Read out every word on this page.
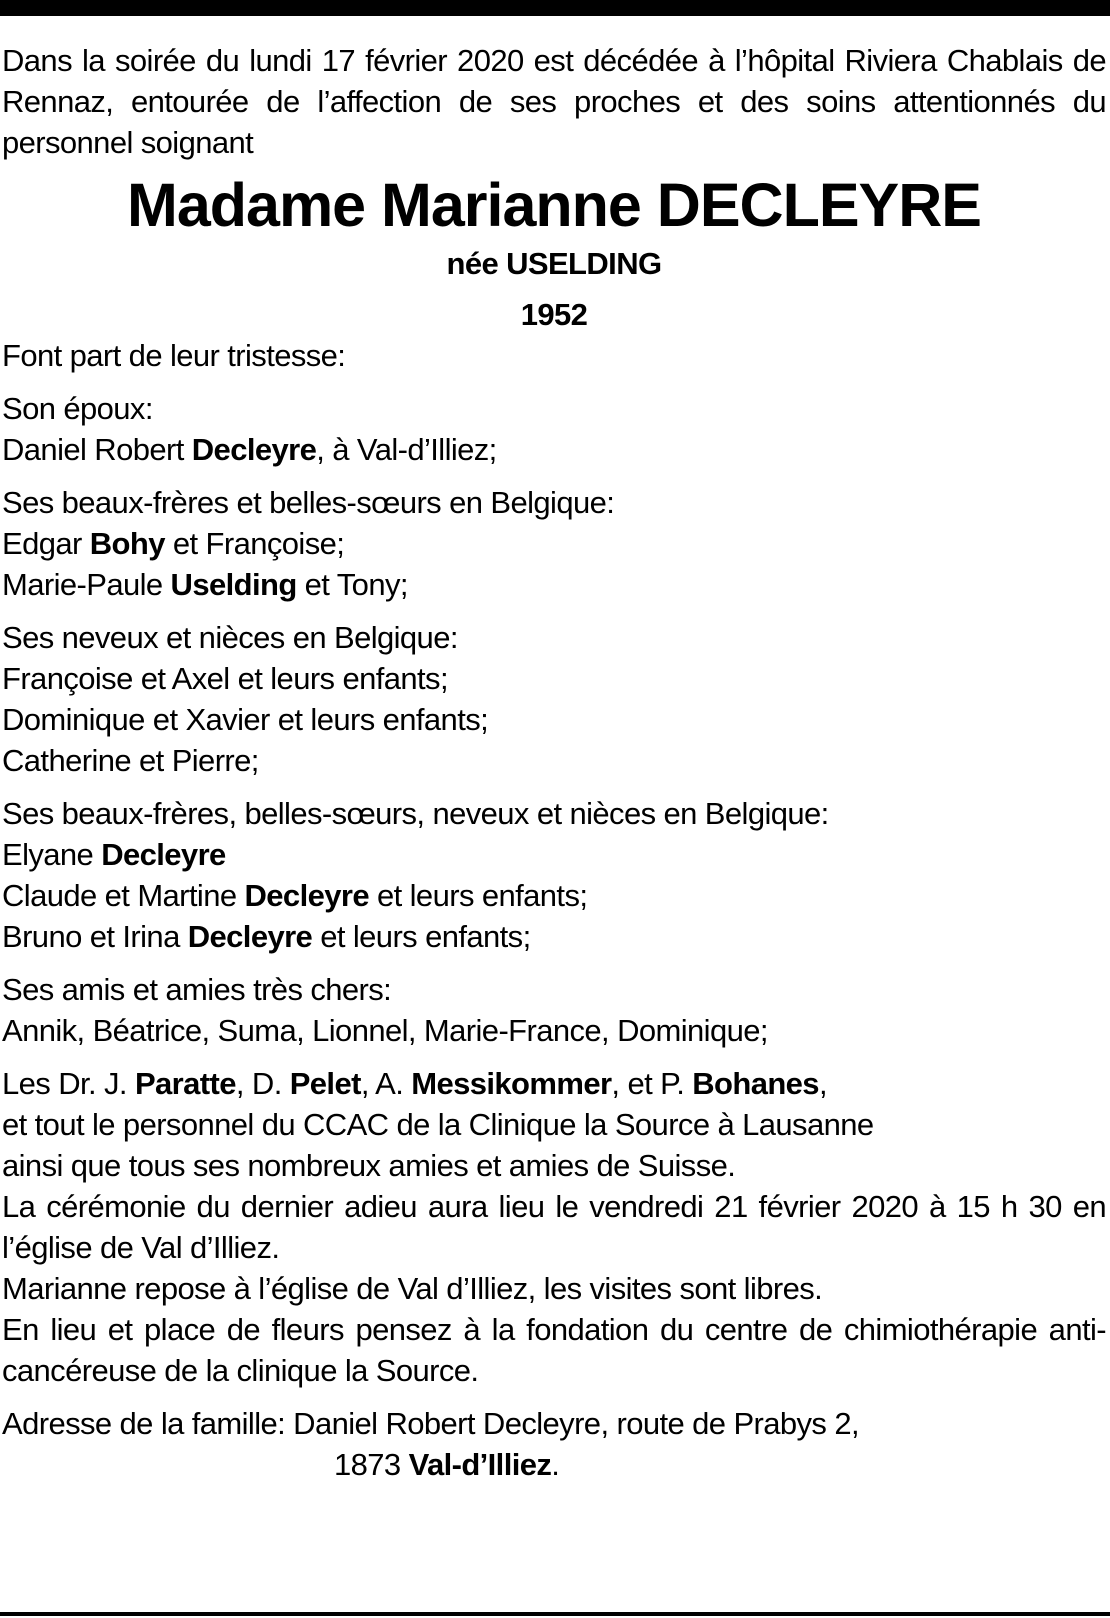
Dans la soirée du lundi 17 février 2020 est décédée à l’hôpital Riviera Chablais de Rennaz, entourée de l’affection de ses proches et des soins attentionnés du personnel soignant

Madame Marianne DECLEYRE
née USELDING
1952

Font part de leur tristesse:

Son époux:

Daniel Robert Decleyre, à Val-d’Illiez;

Ses beaux-frères et belles-sœurs en Belgique:

Edgar Bohy et Françoise;

Marie-Paule Uselding et Tony;

Ses neveux et nièces en Belgique:

Françoise et Axel et leurs enfants;

Dominique et Xavier et leurs enfants;

Catherine et Pierre;

Ses beaux-frères, belles-sœurs, neveux et nièces en Belgique:

Elyane Decleyre

Claude et Martine Decleyre et leurs enfants;

Bruno et Irina Decleyre et leurs enfants;

Ses amis et amies très chers:

Annik, Béatrice, Suma, Lionnel, Marie-France, Dominique;

Les Dr. J. Paratte, D. Pelet, A. Messikommer, et P. Bohanes,

et tout le personnel du CCAC de la Clinique la Source à Lausanne

ainsi que tous ses nombreux amies et amies de Suisse.

La cérémonie du dernier adieu aura lieu le vendredi 21 février 2020 à 15 h 30 en l’église de Val d’Illiez.

Marianne repose à l’église de Val d’Illiez, les visites sont libres.

En lieu et place de fleurs pensez à la fondation du centre de chimiothérapie anti-cancéreuse de la clinique la Source.

Adresse de la famille: Daniel Robert Decleyre, route de Prabys 2,

1873 Val-d’Illiez.
